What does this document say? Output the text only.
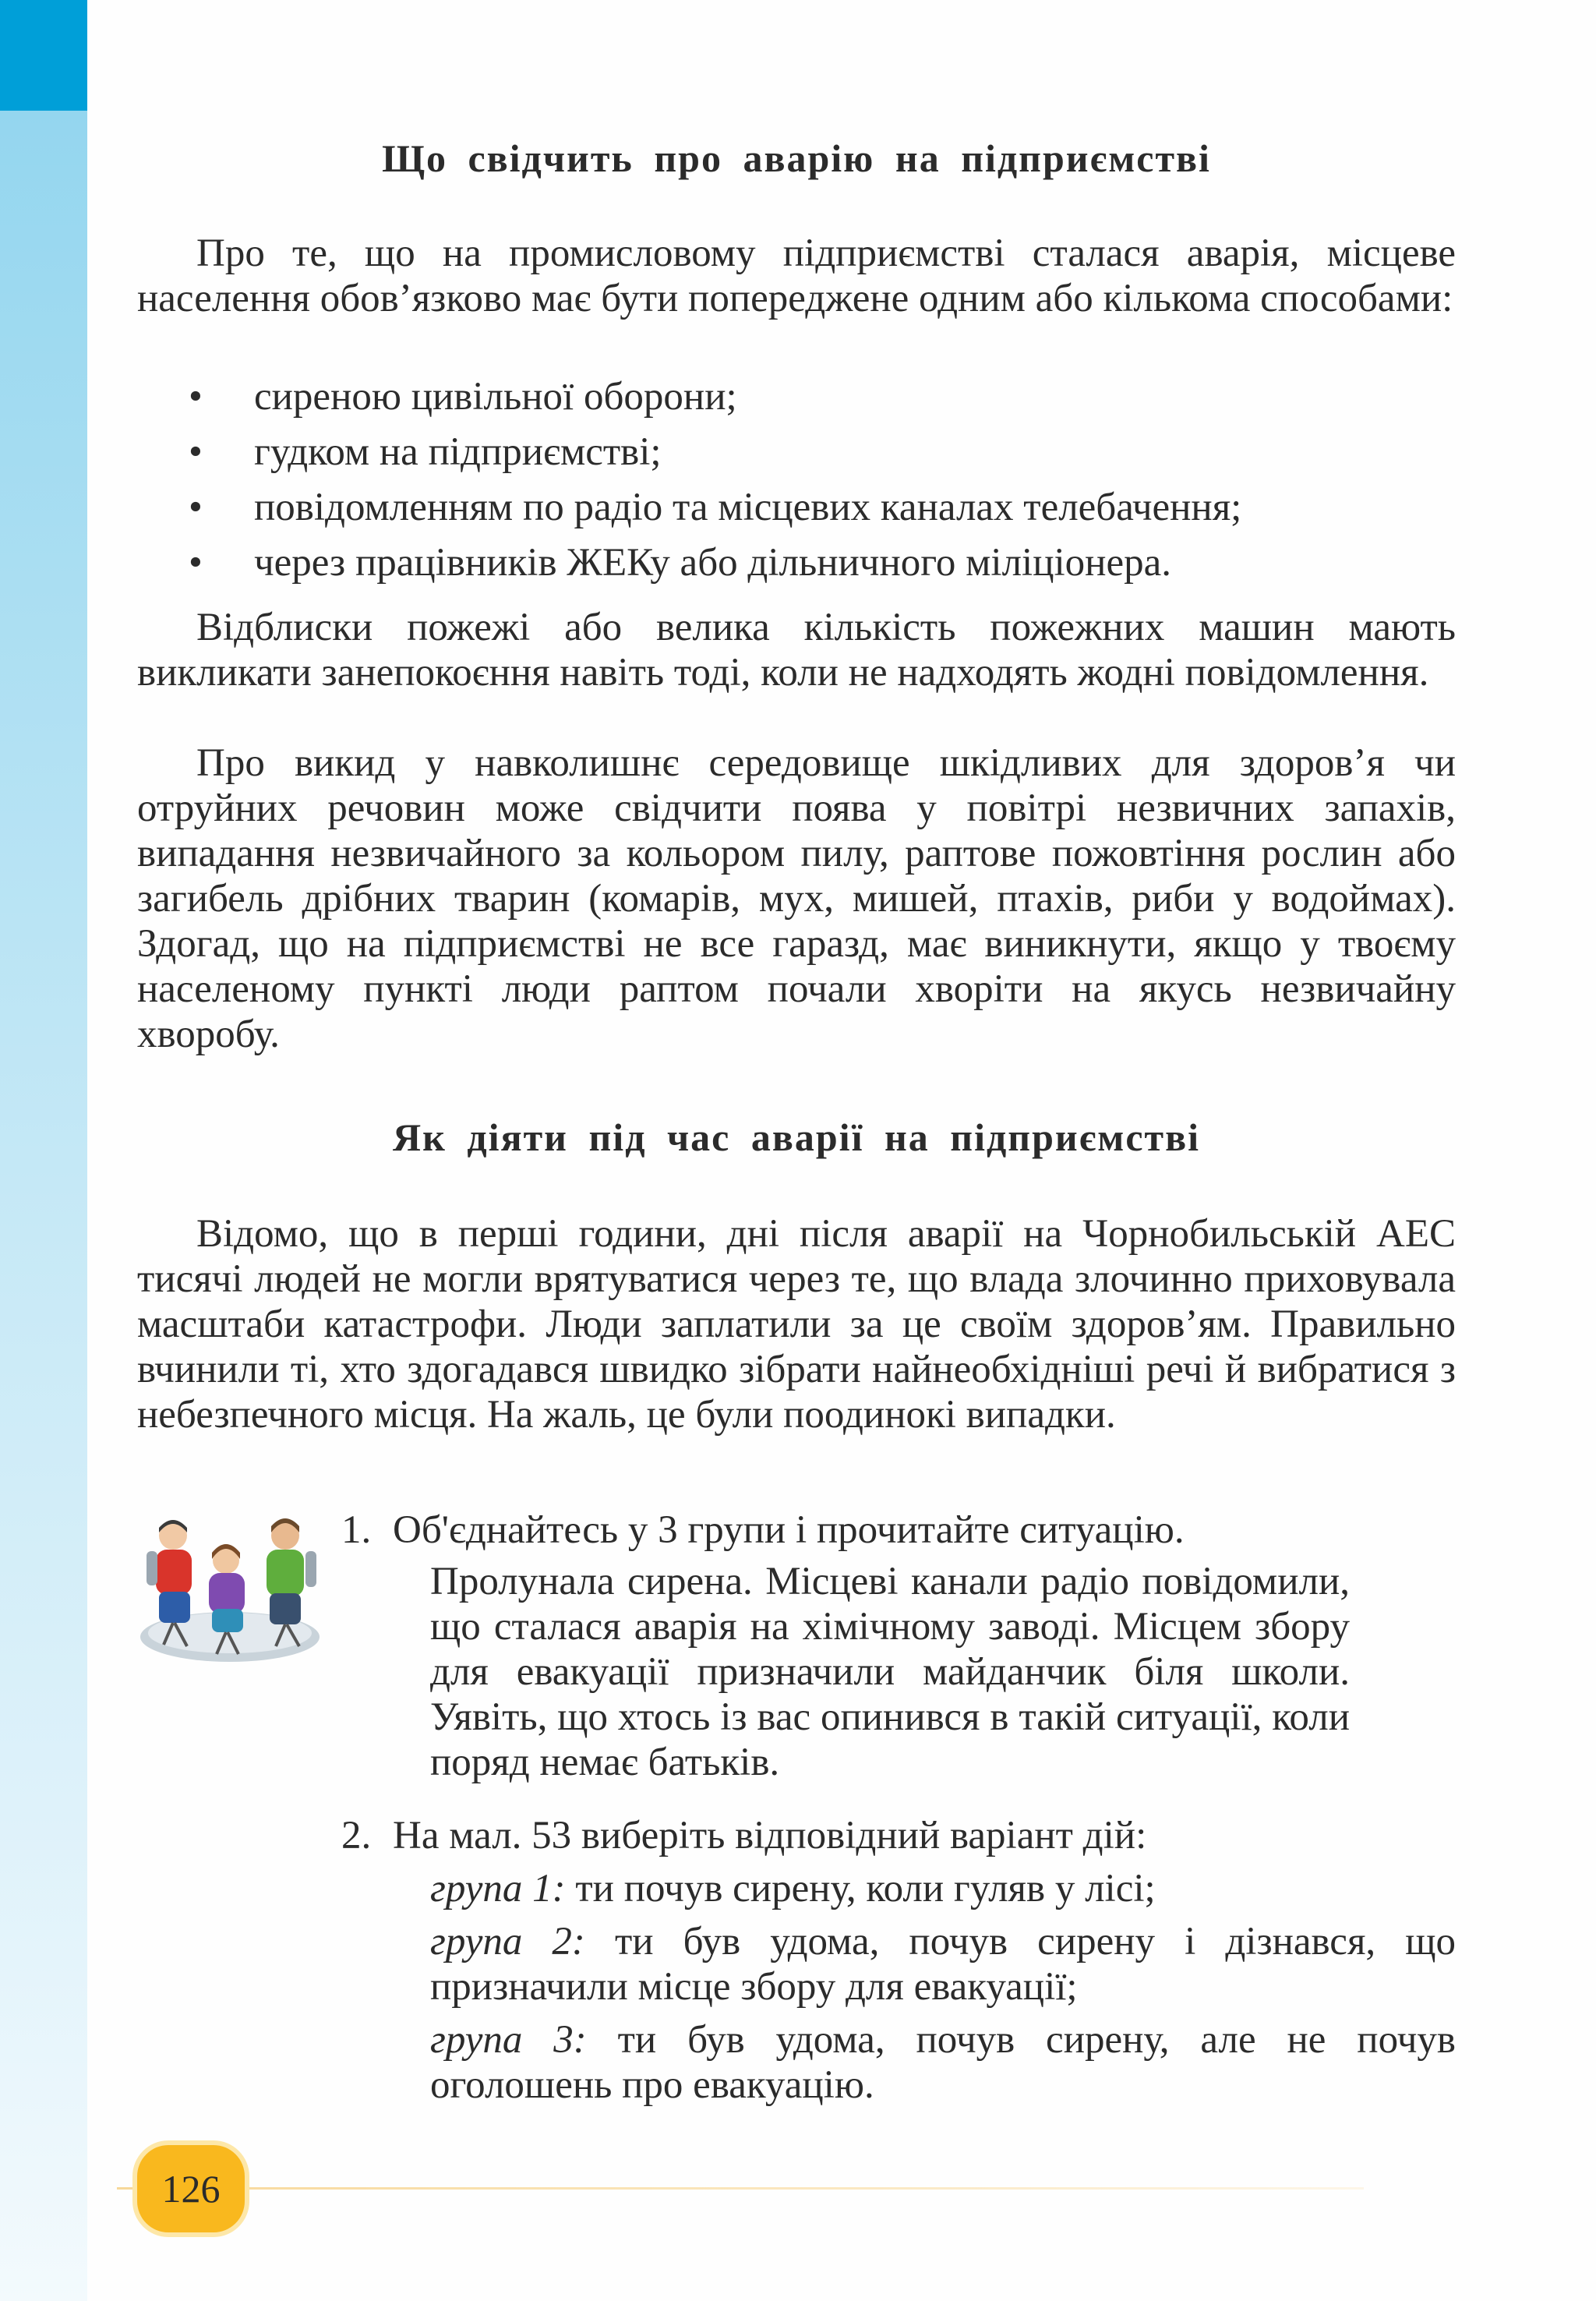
Що свідчить про аварію на підприємстві

Про те, що на промисловому підприємстві сталася аварія, місцеве населення обов’язково має бути попереджене одним або кількома способами:

• сиреною цивільної оборони;
• гудком на підприємстві;
• повідомленням по радіо та місцевих каналах телебачення;
• через працівників ЖЕКу або дільничного міліціонера.

Відблиски пожежі або велика кількість пожежних машин мають викликати занепокоєння навіть тоді, коли не надходять жодні повідомлення.

Про викид у навколишнє середовище шкідливих для здоров’я чи отруйних речовин може свідчити поява у повітрі незвичних запахів, випадання незвичайного за кольором пилу, раптове пожовтіння рослин або загибель дрібних тварин (комарів, мух, мишей, птахів, риби у водоймах). Здогад, що на підприємстві не все гаразд, має виникнути, якщо у твоєму населеному пункті люди раптом почали хворіти на якусь незвичайну хворобу.

Як діяти під час аварії на підприємстві

Відомо, що в перші години, дні після аварії на Чорнобильській АЕС тисячі людей не могли врятуватися через те, що влада злочинно приховувала масштаби катастрофи. Люди заплатили за це своїм здоров’ям. Правильно вчинили ті, хто здогадався швидко зібрати найнеобхідніші речі й вибратися з небезпечного місця. На жаль, це були поодинокі випадки.

1. Об'єднайтесь у 3 групи і прочитайте ситуацію.
Пролунала сирена. Місцеві канали радіо повідомили, що сталася аварія на хімічному заводі. Місцем збору для евакуації призначили майданчик біля школи. Уявіть, що хтось із вас опинився в такій ситуації, коли поряд немає батьків.
2. На мал. 53 виберіть відповідний варіант дій:
група 1: ти почув сирену, коли гуляв у лісі;
група 2: ти був удома, почув сирену і дізнався, що призначили місце збору для евакуації;
група 3: ти був удома, почув сирену, але не почув оголошень про евакуацію.
126
